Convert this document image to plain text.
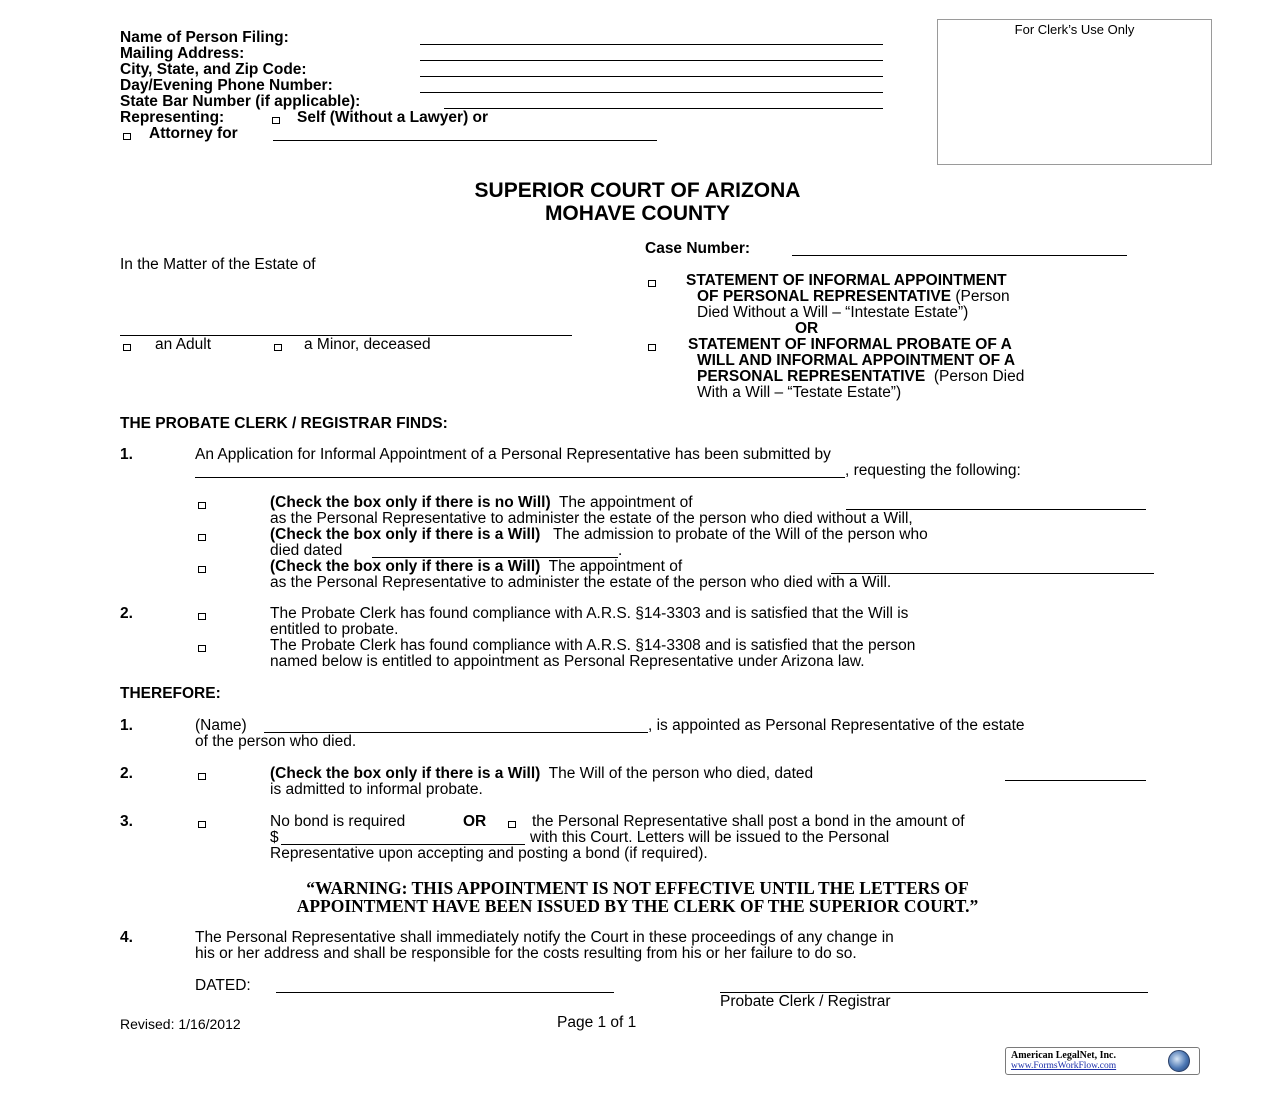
Name of Person Filing:
Mailing Address:
City, State, and Zip Code:
Day/Evening Phone Number:
State Bar Number (if applicable):
Representing:	Self (Without a Lawyer) or
Attorney for
For Clerk’s Use Only
SUPERIOR COURT OF ARIZONA
MOHAVE COUNTY
Case Number:
In the Matter of the Estate of
an Adult	a Minor, deceased
STATEMENT OF INFORMAL APPOINTMENT
OF PERSONAL REPRESENTATIVE (Person
Died Without a Will – “Intestate Estate”)
OR
STATEMENT OF INFORMAL PROBATE OF A
WILL AND INFORMAL APPOINTMENT OF A
PERSONAL REPRESENTATIVE (Person Died
With a Will – “Testate Estate”)
THE PROBATE CLERK / REGISTRAR FINDS:
1.	An Application for Informal Appointment of a Personal Representative has been submitted by
, requesting the following:
(Check the box only if there is no Will) The appointment of
as the Personal Representative to administer the estate of the person who died without a Will,
(Check the box only if there is a Will) The admission to probate of the Will of the person who
died dated	.
(Check the box only if there is a Will) The appointment of
as the Personal Representative to administer the estate of the person who died with a Will.
2.	The Probate Clerk has found compliance with A.R.S. §14-3303 and is satisfied that the Will is
entitled to probate.
The Probate Clerk has found compliance with A.R.S. §14-3308 and is satisfied that the person
named below is entitled to appointment as Personal Representative under Arizona law.
THEREFORE:
1.	(Name)	, is appointed as Personal Representative of the estate
of the person who died.
2.	(Check the box only if there is a Will) The Will of the person who died, dated
is admitted to informal probate.
3.	No bond is required	OR	the Personal Representative shall post a bond in the amount of
$	with this Court. Letters will be issued to the Personal
Representative upon accepting and posting a bond (if required).
“WARNING: THIS APPOINTMENT IS NOT EFFECTIVE UNTIL THE LETTERS OF
APPOINTMENT HAVE BEEN ISSUED BY THE CLERK OF THE SUPERIOR COURT.”
4.	The Personal Representative shall immediately notify the Court in these proceedings of any change in
his or her address and shall be responsible for the costs resulting from his or her failure to do so.
DATED:
Probate Clerk / Registrar
Revised: 1/16/2012	Page 1 of 1
American LegalNet, Inc.
www.FormsWorkFlow.com
